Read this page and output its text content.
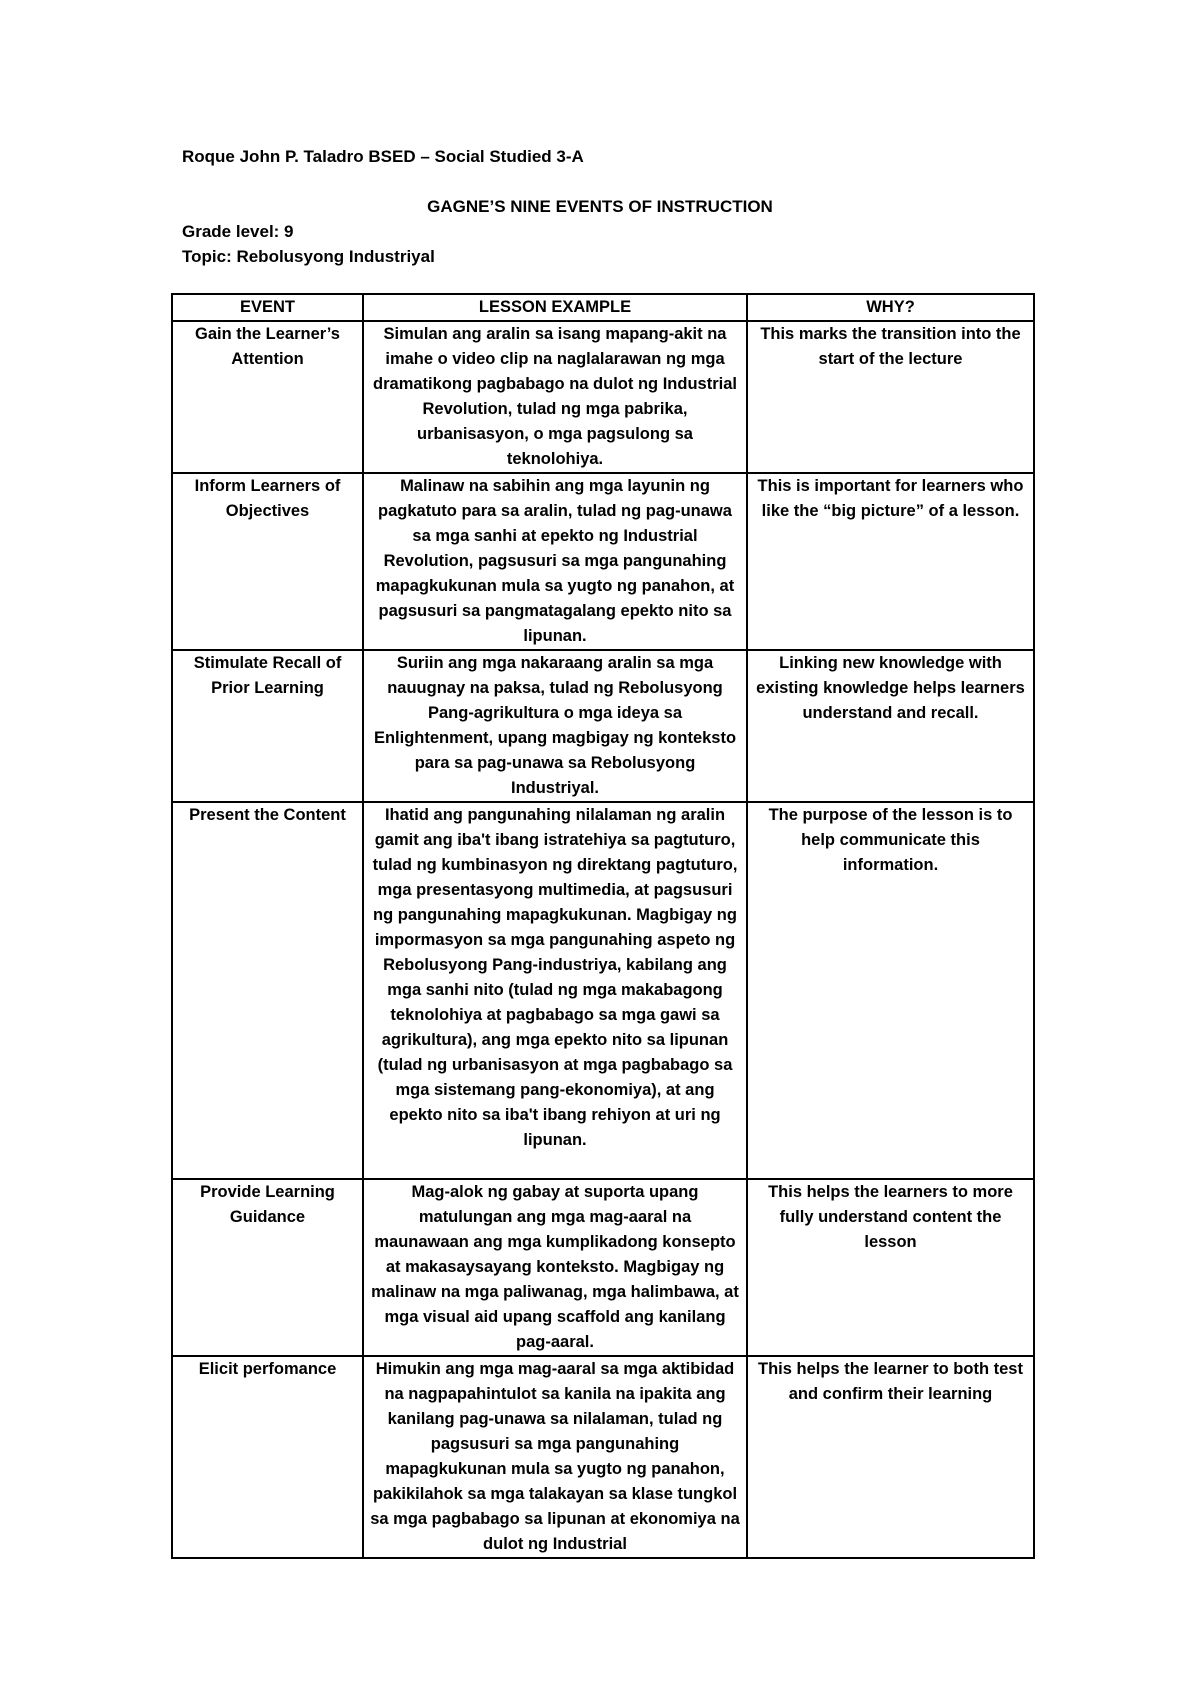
Roque John P. Taladro BSED – Social Studied 3-A
GAGNE’S NINE EVENTS OF INSTRUCTION
Grade level: 9
Topic: Rebolusyong Industriyal
EVENT	LESSON EXAMPLE	WHY?
Gain the Learner’s Attention	Simulan ang aralin sa isang mapang-akit na imahe o video clip na naglalarawan ng mga dramatikong pagbabago na dulot ng Industrial Revolution, tulad ng mga pabrika, urbanisasyon, o mga pagsulong sa teknolohiya.	This marks the transition into the start of the lecture
Inform Learners of Objectives	Malinaw na sabihin ang mga layunin ng pagkatuto para sa aralin, tulad ng pag-unawa sa mga sanhi at epekto ng Industrial Revolution, pagsusuri sa mga pangunahing mapagkukunan mula sa yugto ng panahon, at pagsusuri sa pangmatagalang epekto nito sa lipunan.	This is important for learners who like the “big picture” of a lesson.
Stimulate Recall of Prior Learning	Suriin ang mga nakaraang aralin sa mga nauugnay na paksa, tulad ng Rebolusyong Pang-agrikultura o mga ideya sa Enlightenment, upang magbigay ng konteksto para sa pag-unawa sa Rebolusyong Industriyal.	Linking new knowledge with existing knowledge helps learners understand and recall.
Present the Content	Ihatid ang pangunahing nilalaman ng aralin gamit ang iba't ibang istratehiya sa pagtuturo, tulad ng kumbinasyon ng direktang pagtuturo, mga presentasyong multimedia, at pagsusuri ng pangunahing mapagkukunan. Magbigay ng impormasyon sa mga pangunahing aspeto ng Rebolusyong Pang-industriya, kabilang ang mga sanhi nito (tulad ng mga makabagong teknolohiya at pagbabago sa mga gawi sa agrikultura), ang mga epekto nito sa lipunan (tulad ng urbanisasyon at mga pagbabago sa mga sistemang pang-ekonomiya), at ang epekto nito sa iba't ibang rehiyon at uri ng lipunan.	The purpose of the lesson is to help communicate this information.
Provide Learning Guidance	Mag-alok ng gabay at suporta upang matulungan ang mga mag-aaral na maunawaan ang mga kumplikadong konsepto at makasaysayang konteksto. Magbigay ng malinaw na mga paliwanag, mga halimbawa, at mga visual aid upang scaffold ang kanilang pag-aaral.	This helps the learners to more fully understand content the lesson
Elicit perfomance	Himukin ang mga mag-aaral sa mga aktibidad na nagpapahintulot sa kanila na ipakita ang kanilang pag-unawa sa nilalaman, tulad ng pagsusuri sa mga pangunahing mapagkukunan mula sa yugto ng panahon, pakikilahok sa mga talakayan sa klase tungkol sa mga pagbabago sa lipunan at ekonomiya na dulot ng Industrial	This helps the learner to both test and confirm their learning
